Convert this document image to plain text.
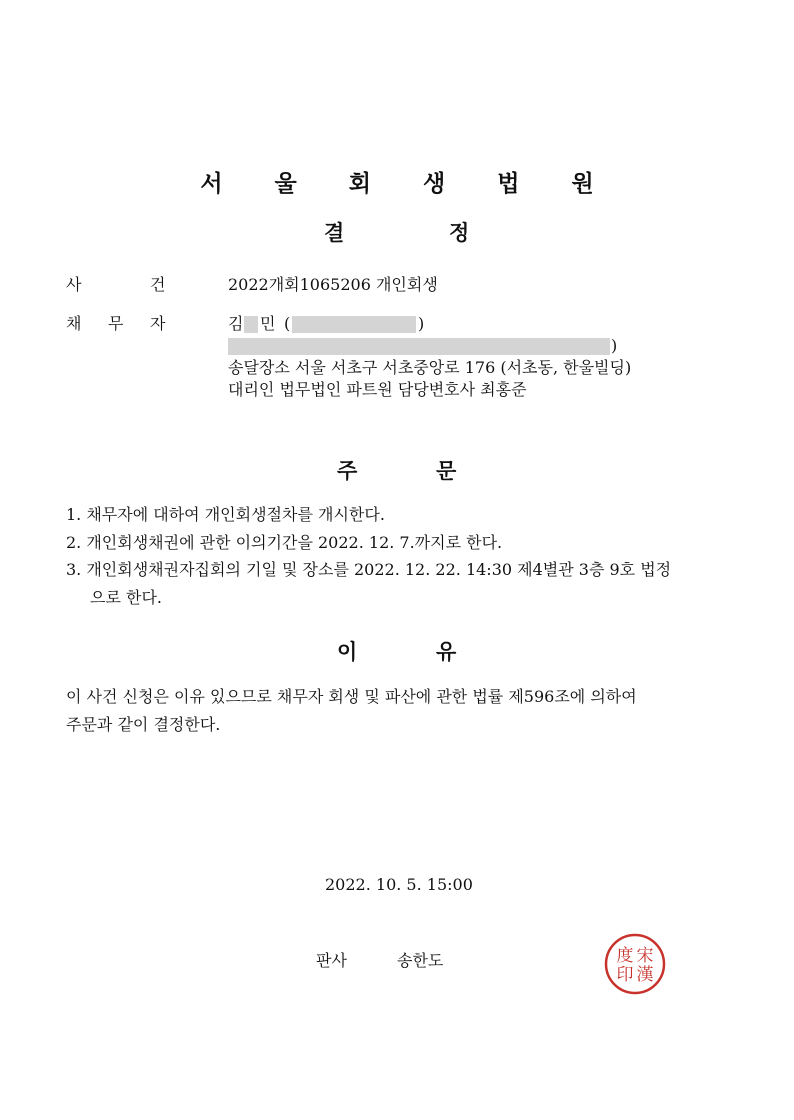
서 울 회 생 법 원
결	정
사	건	2022개회1065206 개인회생
채 무 자	김 민 (	)
)
송달장소 서울 서초구 서초중앙로 176 (서초동, 한울빌딩)
대리인 법무법인 파트원 담당변호사 최홍준
주	문
1. 채무자에 대하여 개인회생절차를 개시한다.
2. 개인회생채권에 관한 이의기간을 2022. 12. 7.까지로 한다.
3. 개인회생채권자집회의 기일 및 장소를 2022. 12. 22. 14:30 제4별관 3층 9호 법정
으로 한다.
이	유
이 사건 신청은 이유 있으므로 채무자 회생 및 파산에 관한 법률 제596조에 의하여
주문과 같이 결정한다.
2022. 10. 5. 15:00
판사	송한도	宋
漢
度
印
